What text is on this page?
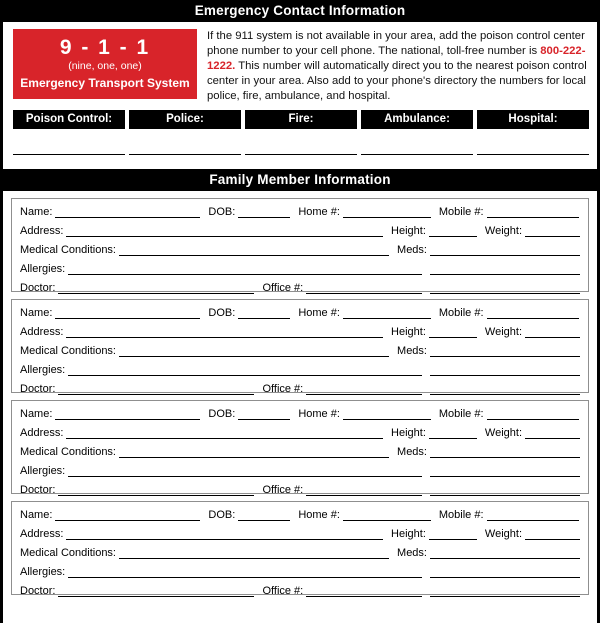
Emergency Contact Information
9 - 1 - 1
(nine, one, one)
Emergency Transport System
If the 911 system is not available in your area, add the poison control center phone number to your cell phone. The national, toll-free number is 800-222-1222. This number will automatically direct you to the nearest poison control center in your area. Also add to your phone's directory the numbers for local police, fire, ambulance, and hospital.
Poison Control:	Police:	Fire:	Ambulance:	Hospital:
Family Member Information
Name:	DOB:	Home #:	Mobile #:
Address:	Height:	Weight:
Medical Conditions:	Meds:
Allergies:
Doctor:	Office #:
Name:	DOB:	Home #:	Mobile #:
Address:	Height:	Weight:
Medical Conditions:	Meds:
Allergies:
Doctor:	Office #:
Name:	DOB:	Home #:	Mobile #:
Address:	Height:	Weight:
Medical Conditions:	Meds:
Allergies:
Doctor:	Office #:
Name:	DOB:	Home #:	Mobile #:
Address:	Height:	Weight:
Medical Conditions:	Meds:
Allergies:
Doctor:	Office #:
